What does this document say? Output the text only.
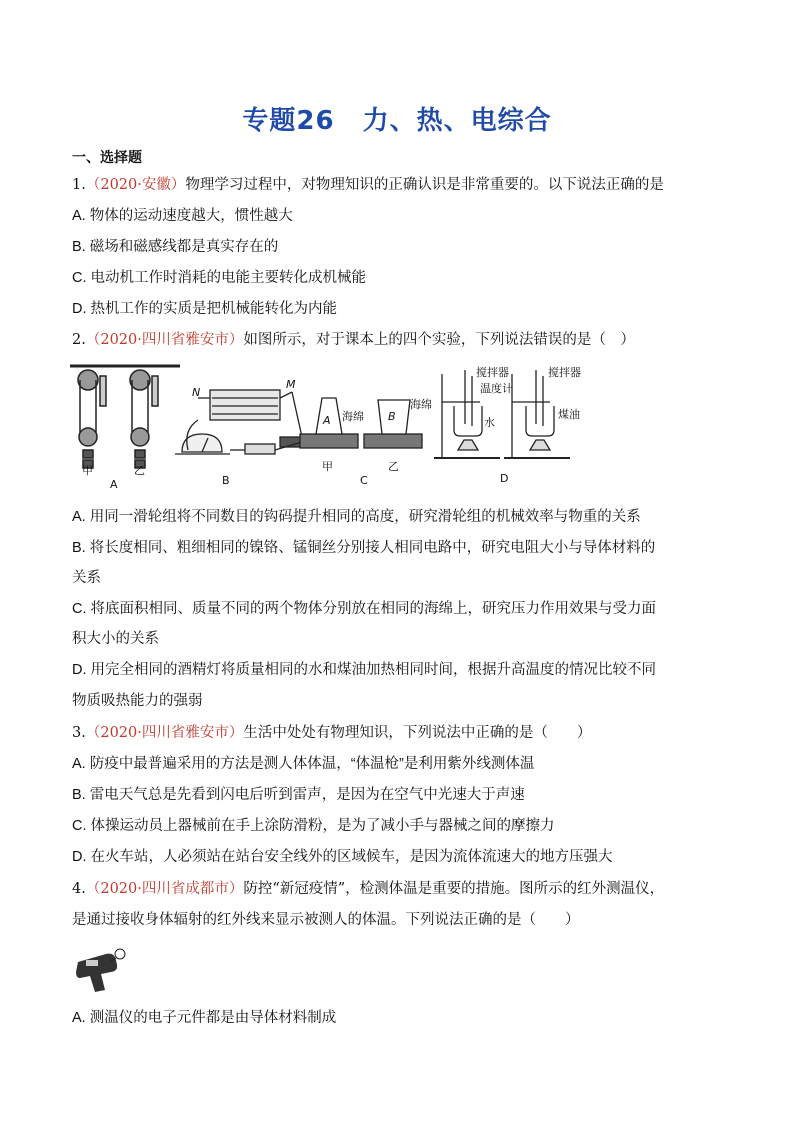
专题26 力、热、电综合
一、选择题
1.（2020·安徽）物理学习过程中，对物理知识的正确认识是非常重要的。以下说法正确的是
A. 物体的运动速度越大，惯性越大
B. 磁场和磁感线都是真实存在的
C. 电动机工作时消耗的电能主要转化成机械能
D. 热机工作的实质是把机械能转化为内能
2.（2020·四川省雅安市）如图所示，对于课本上的四个实验，下列说法错误的是（　）
甲	乙
A
N
M
B
A	B
海绵
海绵
甲	乙
C
搅拌器
温度计
水
搅拌器
煤油
D
A. 用同一滑轮组将不同数目的钩码提升相同的高度，研究滑轮组的机械效率与物重的关系
B. 将长度相同、粗细相同的镍铬、锰铜丝分别接人相同电路中，研究电阻大小与导体材料的
关系
C. 将底面积相同、质量不同的两个物体分别放在相同的海绵上，研究压力作用效果与受力面
积大小的关系
D. 用完全相同的酒精灯将质量相同的水和煤油加热相同时间，根据升高温度的情况比较不同
物质吸热能力的强弱
3.（2020·四川省雅安市）生活中处处有物理知识，下列说法中正确的是（　　）
A. 防疫中最普遍采用的方法是测人体体温，“体温枪”是利用紫外线测体温
B. 雷电天气总是先看到闪电后听到雷声，是因为在空气中光速大于声速
C. 体操运动员上器械前在手上涂防滑粉，是为了减小手与器械之间的摩擦力
D. 在火车站，人必须站在站台安全线外的区域候车，是因为流体流速大的地方压强大
4.（2020·四川省成都市）防控“新冠疫情”，检测体温是重要的措施。图所示的红外测温仪，
是通过接收身体辐射的红外线来显示被测人的体温。下列说法正确的是（　　）
A. 测温仪的电子元件都是由导体材料制成
